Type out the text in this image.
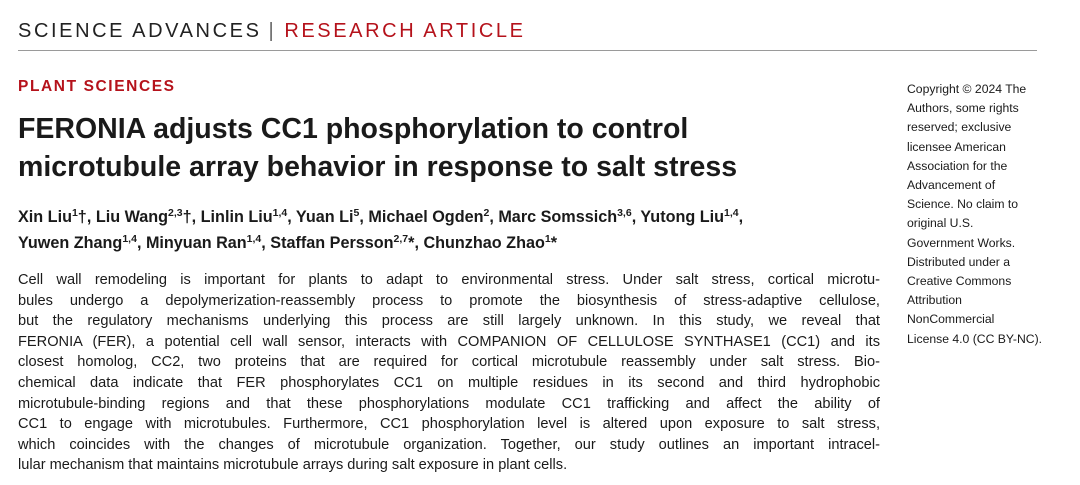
SCIENCE ADVANCES | RESEARCH ARTICLE
PLANT SCIENCES
FERONIA adjusts CC1 phosphorylation to control
microtubule array behavior in response to salt stress
Xin Liu$^1$†, Liu Wang$^{2,3}$†, Linlin Liu$^{1,4}$, Yuan Li$^5$, Michael Ogden$^2$, Marc Somssich$^{3,6}$, Yutong Liu$^{1,4}$,
Yuwen Zhang$^{1,4}$, Minyuan Ran$^{1,4}$, Staffan Persson$^{2,7}$*, Chunzhao Zhao$^1$*
Cell wall remodeling is important for plants to adapt to environmental stress. Under salt stress, cortical microtu-
bules undergo a depolymerization-reassembly process to promote the biosynthesis of stress-adaptive cellulose,
but the regulatory mechanisms underlying this process are still largely unknown. In this study, we reveal that
FERONIA (FER), a potential cell wall sensor, interacts with COMPANION OF CELLULOSE SYNTHASE1 (CC1) and its
closest homolog, CC2, two proteins that are required for cortical microtubule reassembly under salt stress. Bio-
chemical data indicate that FER phosphorylates CC1 on multiple residues in its second and third hydrophobic
microtubule-binding regions and that these phosphorylations modulate CC1 trafficking and affect the ability of
CC1 to engage with microtubules. Furthermore, CC1 phosphorylation level is altered upon exposure to salt stress,
which coincides with the changes of microtubule organization. Together, our study outlines an important intracel-
lular mechanism that maintains microtubule arrays during salt exposure in plant cells.
Copyright © 2024 The
Authors, some rights
reserved; exclusive
licensee American
Association for the
Advancement of
Science. No claim to
original U.S.
Government Works.
Distributed under a
Creative Commons
Attribution
NonCommercial
License 4.0 (CC BY-NC).
